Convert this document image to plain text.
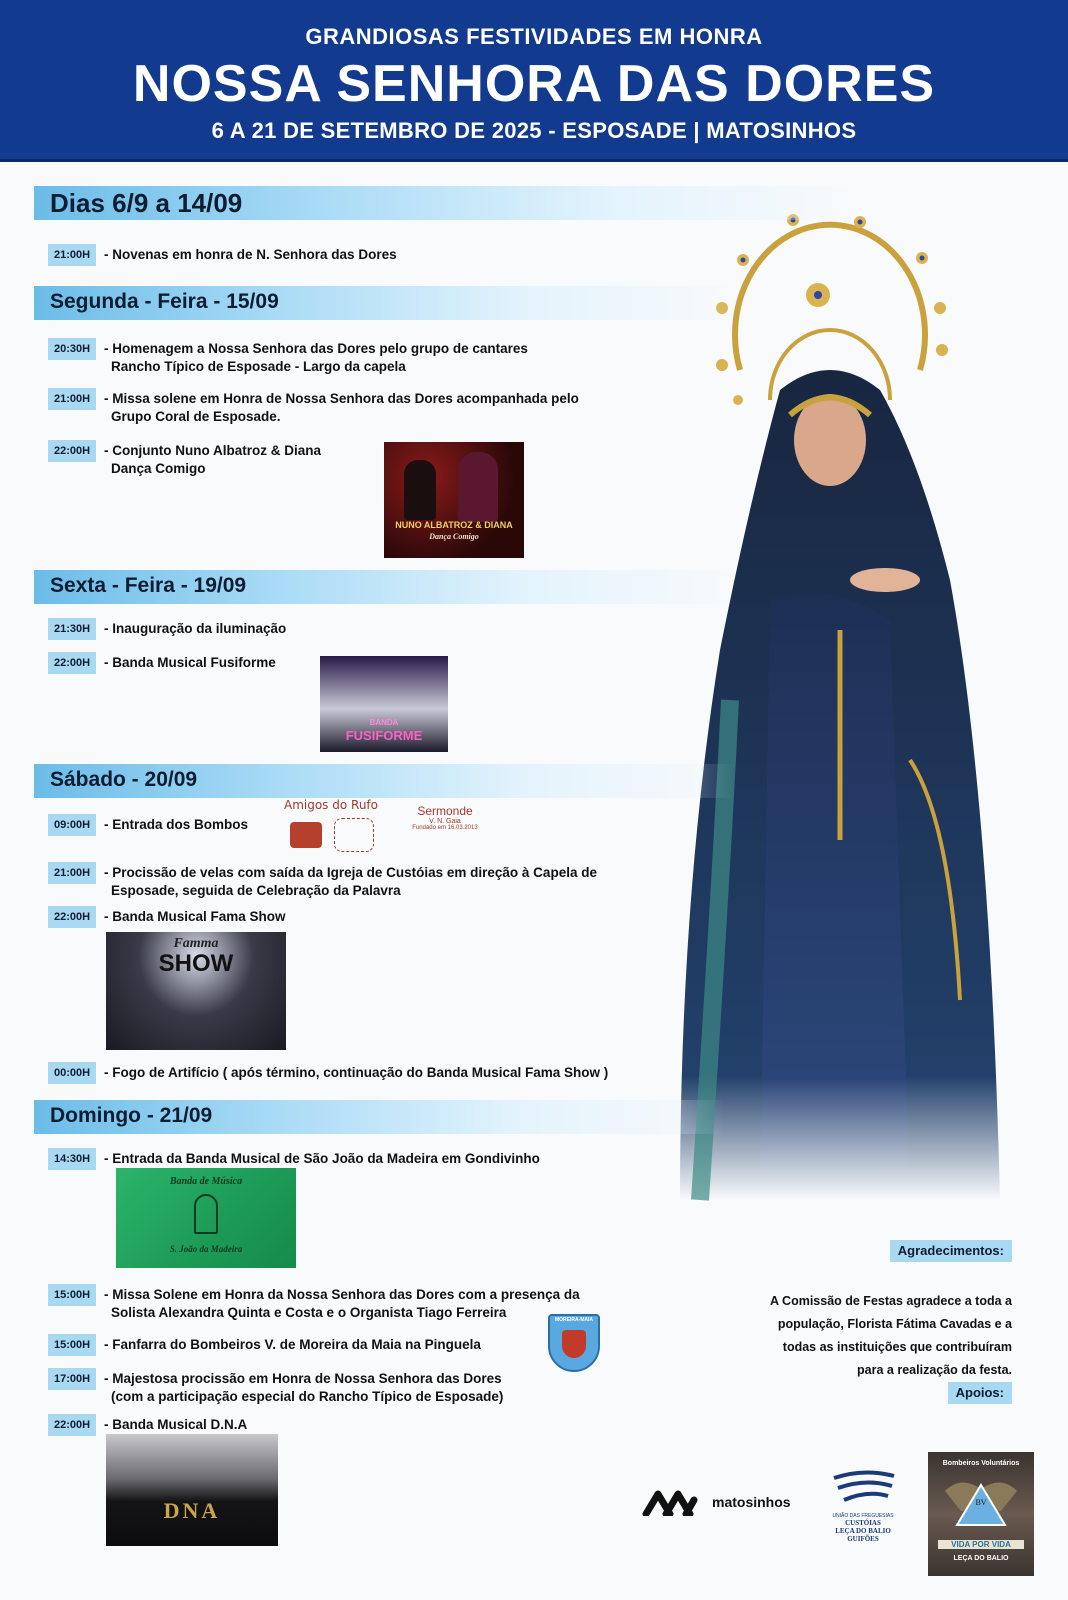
GRANDIOSAS FESTIVIDADES EM HONRA
NOSSA SENHORA DAS DORES
6 A 21 DE SETEMBRO DE 2025 - ESPOSADE | MATOSINHOS
Dias 6/9 a 14/09
21:00H	- Novenas em honra de N. Senhora das Dores
Segunda - Feira - 15/09
20:30H	- Homenagem a Nossa Senhora das Dores pelo grupo de cantares
Rancho Típico de Esposade - Largo da capela
21:00H	- Missa solene em Honra de Nossa Senhora das Dores acompanhada pelo
Grupo Coral de Esposade.
22:00H	- Conjunto Nuno Albatroz & Diana
Dança Comigo
NUNO ALBATROZ & DIANA
Dança Comigo
Sexta - Feira - 19/09
21:30H	- Inauguração da iluminação
22:00H	- Banda Musical Fusiforme
BANDA
FUSIFORME
Sábado - 20/09
09:00H	- Entrada dos Bombos
Amigos do Rufo	Sermonde
V. N. Gaia
Fundado em 16.03.2013
21:00H	- Procissão de velas com saída da Igreja de Custóias em direção à Capela de
Esposade, seguida de Celebração da Palavra
22:00H	- Banda Musical Fama Show
Famma
SHOW
00:00H	- Fogo de Artifício ( após término, continuação do Banda Musical Fama Show )
Domingo - 21/09
14:30H	- Entrada da Banda Musical de São João da Madeira em Gondivinho
Banda de Música
S. João da Madeira
15:00H	- Missa Solene em Honra da Nossa Senhora das Dores com a presença da
Solista Alexandra Quinta e Costa e o Organista Tiago Ferreira
15:00H	- Fanfarra do Bombeiros V. de Moreira da Maia na Pinguela
MOREIRA-MAIA
17:00H	- Majestosa procissão em Honra de Nossa Senhora das Dores
(com a participação especial do Rancho Típico de Esposade)
22:00H	- Banda Musical D.N.A
DNA
Agradecimentos:
A Comissão de Festas agradece a toda a
população, Florista Fátima Cavadas e a
todas as instituições que contribuíram
para a realização da festa.
Apoios:
matosinhos
UNIÃO DAS FREGUESIAS
CUSTÓIAS
LEÇA DO BALIO
GUIFÕES
Bombeiros Voluntários
BV
VIDA POR VIDA
LEÇA DO BALIO
